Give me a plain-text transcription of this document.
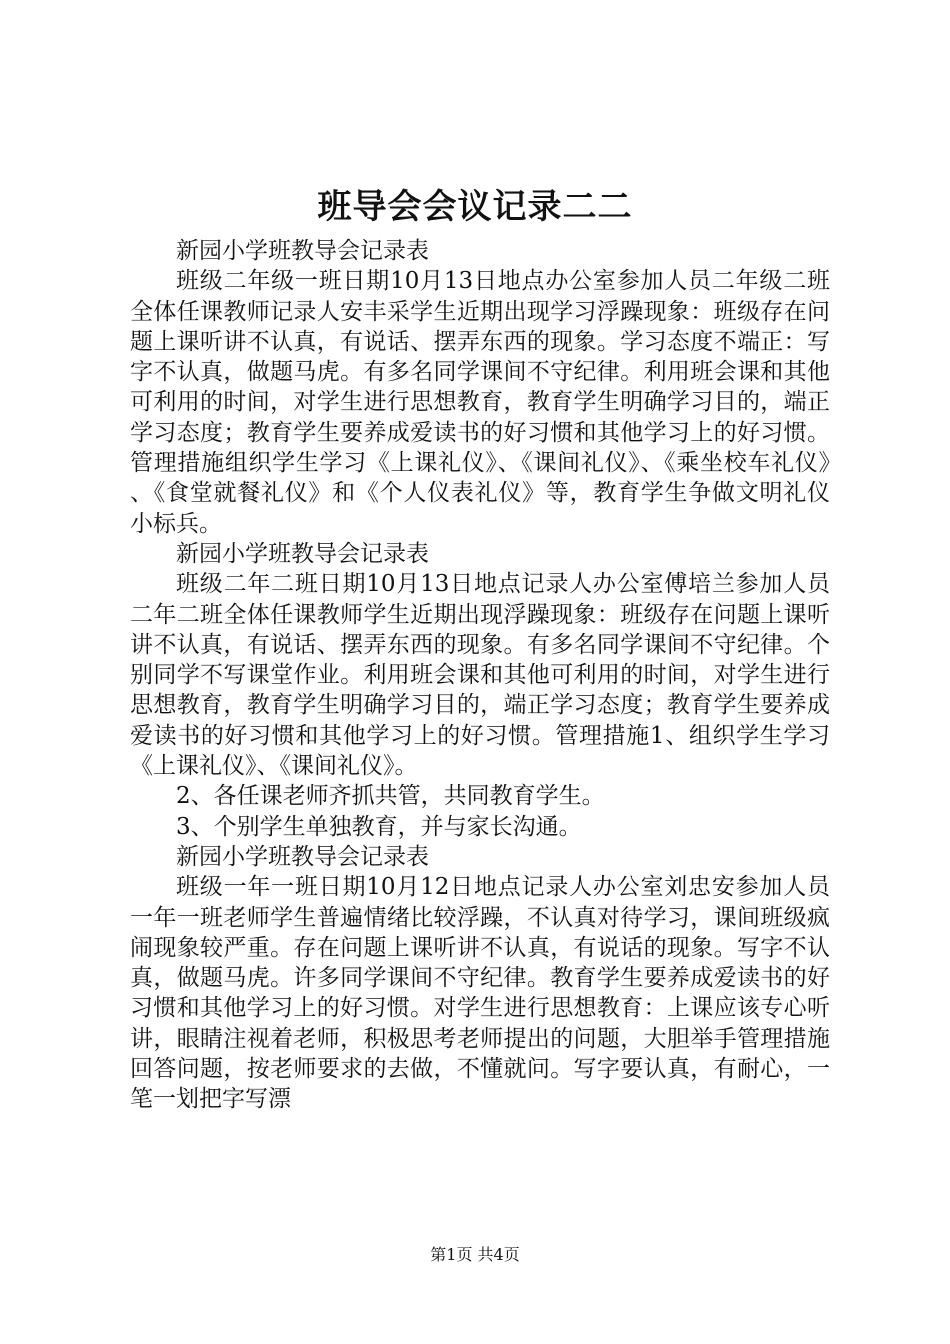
班导会会议记录二二

新园小学班教导会记录表

班级二年级一班日期10月13日地点办公室参加人员二年级二班全体任课教师记录人安丰采学生近期出现学习浮躁现象：班级存在问题上课听讲不认真，有说话、摆弄东西的现象。学习态度不端正：写字不认真，做题马虎。有多名同学课间不守纪律。利用班会课和其他可利用的时间，对学生进行思想教育，教育学生明确学习目的，端正学习态度；教育学生要养成爱读书的好习惯和其他学习上的好习惯。管理措施组织学生学习《上课礼仪》、《课间礼仪》、《乘坐校车礼仪》、《食堂就餐礼仪》和《个人仪表礼仪》等，教育学生争做文明礼仪小标兵。

新园小学班教导会记录表

班级二年二班日期10月13日地点记录人办公室傅培兰参加人员二年二班全体任课教师学生近期出现浮躁现象：班级存在问题上课听讲不认真，有说话、摆弄东西的现象。有多名同学课间不守纪律。个别同学不写课堂作业。利用班会课和其他可利用的时间，对学生进行思想教育，教育学生明确学习目的，端正学习态度；教育学生要养成爱读书的好习惯和其他学习上的好习惯。管理措施1、组织学生学习《上课礼仪》、《课间礼仪》。

2、各任课老师齐抓共管，共同教育学生。

3、个别学生单独教育，并与家长沟通。

新园小学班教导会记录表

班级一年一班日期10月12日地点记录人办公室刘忠安参加人员一年一班老师学生普遍情绪比较浮躁，不认真对待学习，课间班级疯闹现象较严重。存在问题上课听讲不认真，有说话的现象。写字不认真，做题马虎。许多同学课间不守纪律。教育学生要养成爱读书的好习惯和其他学习上的好习惯。对学生进行思想教育：上课应该专心听讲，眼睛注视着老师，积极思考老师提出的问题，大胆举手管理措施回答问题，按老师要求的去做，不懂就问。写字要认真，有耐心，一笔一划把字写漂

第1页 共4页
